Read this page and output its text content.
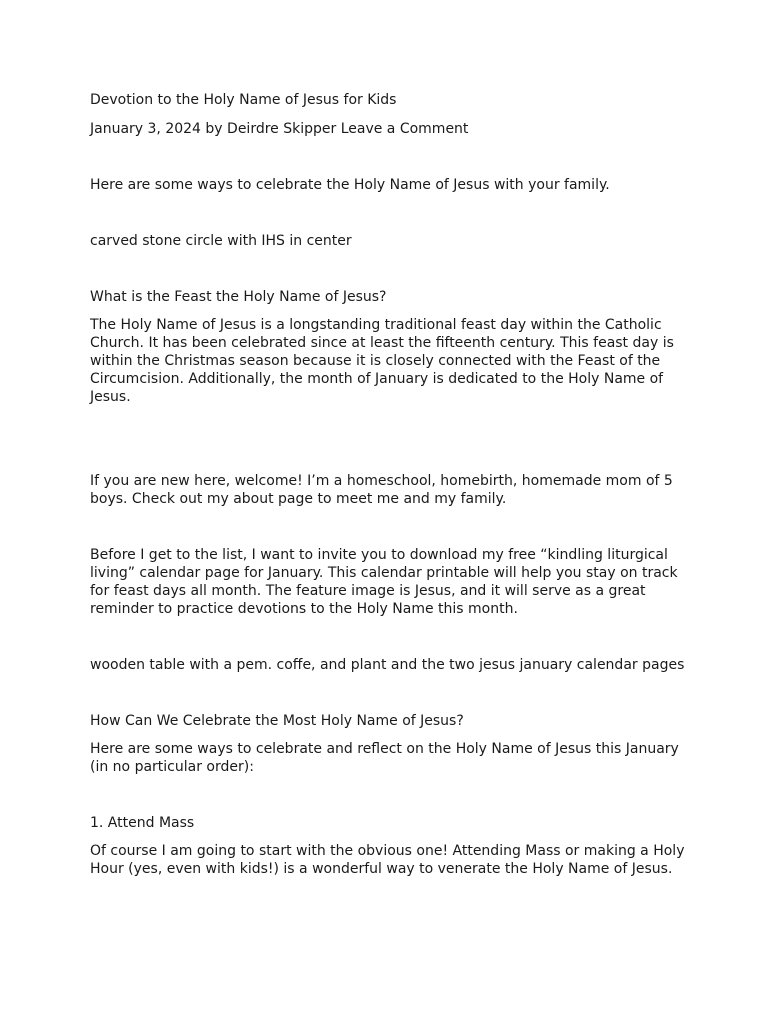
Devotion to the Holy Name of Jesus for Kids

January 3, 2024 by Deirdre Skipper Leave a Comment

Here are some ways to celebrate the Holy Name of Jesus with your family.

carved stone circle with IHS in center

What is the Feast the Holy Name of Jesus?

The Holy Name of Jesus is a longstanding traditional feast day within the Catholic Church. It has been celebrated since at least the fifteenth century. This feast day is within the Christmas season because it is closely connected with the Feast of the Circumcision. Additionally, the month of January is dedicated to the Holy Name of Jesus.

If you are new here, welcome! I’m a homeschool, homebirth, homemade mom of 5 boys. Check out my about page to meet me and my family.

Before I get to the list, I want to invite you to download my free “kindling liturgical living” calendar page for January. This calendar printable will help you stay on track for feast days all month. The feature image is Jesus, and it will serve as a great reminder to practice devotions to the Holy Name this month.

wooden table with a pem. coffe, and plant and the two jesus january calendar pages

How Can We Celebrate the Most Holy Name of Jesus?

Here are some ways to celebrate and reflect on the Holy Name of Jesus this January (in no particular order):

1. Attend Mass

Of course I am going to start with the obvious one! Attending Mass or making a Holy Hour (yes, even with kids!) is a wonderful way to venerate the Holy Name of Jesus.
